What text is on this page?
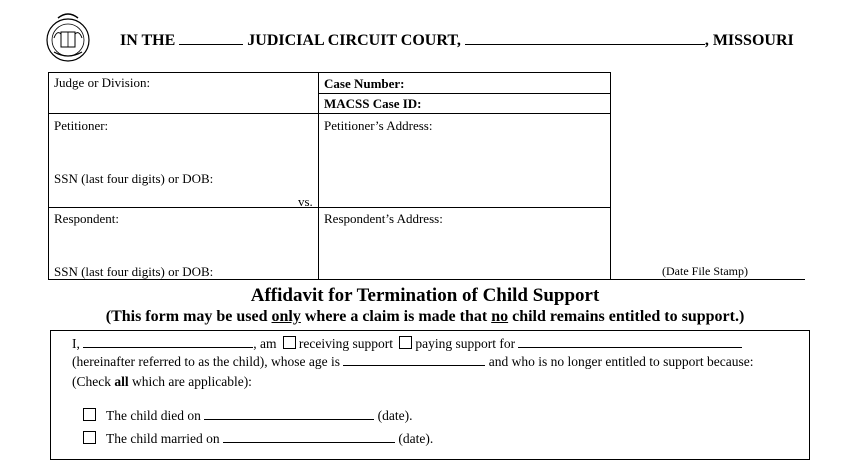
IN THE	JUDICIAL CIRCUIT COURT,	, MISSOURI
Judge or Division:	Case Number:
MACSS Case ID:
Petitioner:	Petitioner’s Address:
SSN (last four digits) or DOB:
vs.
Respondent:	Respondent’s Address:
SSN (last four digits) or DOB:	(Date File Stamp)
Affidavit for Termination of Child Support
(This form may be used only where a claim is made that no child remains entitled to support.)
I,	, am receiving support paying support for
(hereinafter referred to as the child), whose age is	and who is no longer entitled to support because:
(Check all which are applicable):
The child died on	(date).
The child married on	(date).
